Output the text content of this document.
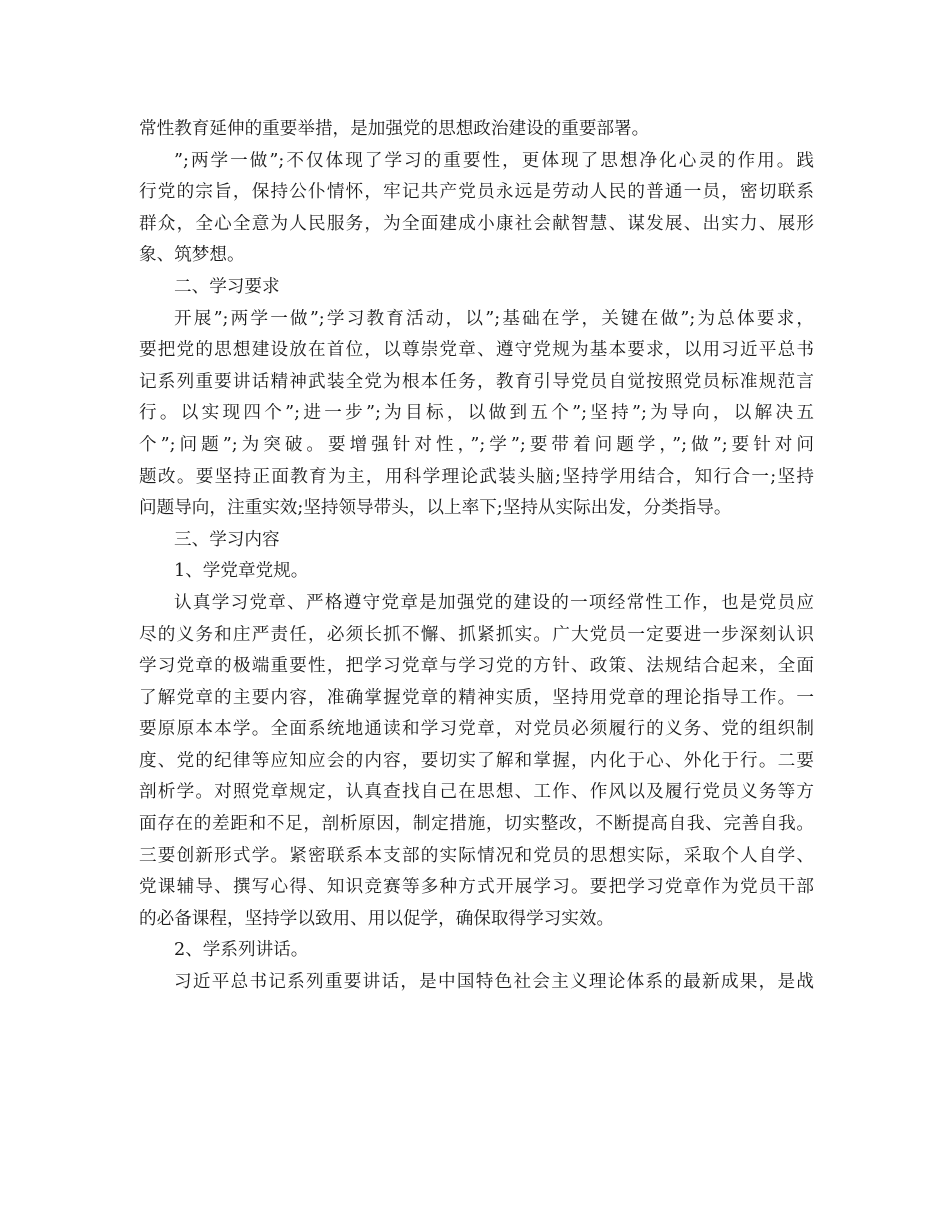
常性教育延伸的重要举措，是加强党的思想政治建设的重要部署。
”;两学一做”;不仅体现了学习的重要性，更体现了思想净化心灵的作用。践
行党的宗旨，保持公仆情怀，牢记共产党员永远是劳动人民的普通一员，密切联系
群众，全心全意为人民服务，为全面建成小康社会献智慧、谋发展、出实力、展形
象、筑梦想。
二、学习要求
开展”;两学一做”;学习教育活动，以”;基础在学，关键在做”;为总体要求，
要把党的思想建设放在首位，以尊崇党章、遵守党规为基本要求，以用习近平总书
记系列重要讲话精神武装全党为根本任务，教育引导党员自觉按照党员标准规范言
行。以实现四个”;进一步”;为目标，以做到五个”;坚持”;为导向，以解决五
个”;问题”;为突破。要增强针对性，”;学”;要带着问题学，”;做”;要针对问
题改。要坚持正面教育为主，用科学理论武装头脑;坚持学用结合，知行合一;坚持
问题导向，注重实效;坚持领导带头，以上率下;坚持从实际出发，分类指导。
三、学习内容
1、学党章党规。
认真学习党章、严格遵守党章是加强党的建设的一项经常性工作，也是党员应
尽的义务和庄严责任，必须长抓不懈、抓紧抓实。广大党员一定要进一步深刻认识
学习党章的极端重要性，把学习党章与学习党的方针、政策、法规结合起来，全面
了解党章的主要内容，准确掌握党章的精神实质，坚持用党章的理论指导工作。一
要原原本本学。全面系统地通读和学习党章，对党员必须履行的义务、党的组织制
度、党的纪律等应知应会的内容，要切实了解和掌握，内化于心、外化于行。二要
剖析学。对照党章规定，认真查找自己在思想、工作、作风以及履行党员义务等方
面存在的差距和不足，剖析原因，制定措施，切实整改，不断提高自我、完善自我。
三要创新形式学。紧密联系本支部的实际情况和党员的思想实际，采取个人自学、
党课辅导、撰写心得、知识竞赛等多种方式开展学习。要把学习党章作为党员干部
的必备课程，坚持学以致用、用以促学，确保取得学习实效。
2、学系列讲话。
习近平总书记系列重要讲话，是中国特色社会主义理论体系的最新成果，是战
